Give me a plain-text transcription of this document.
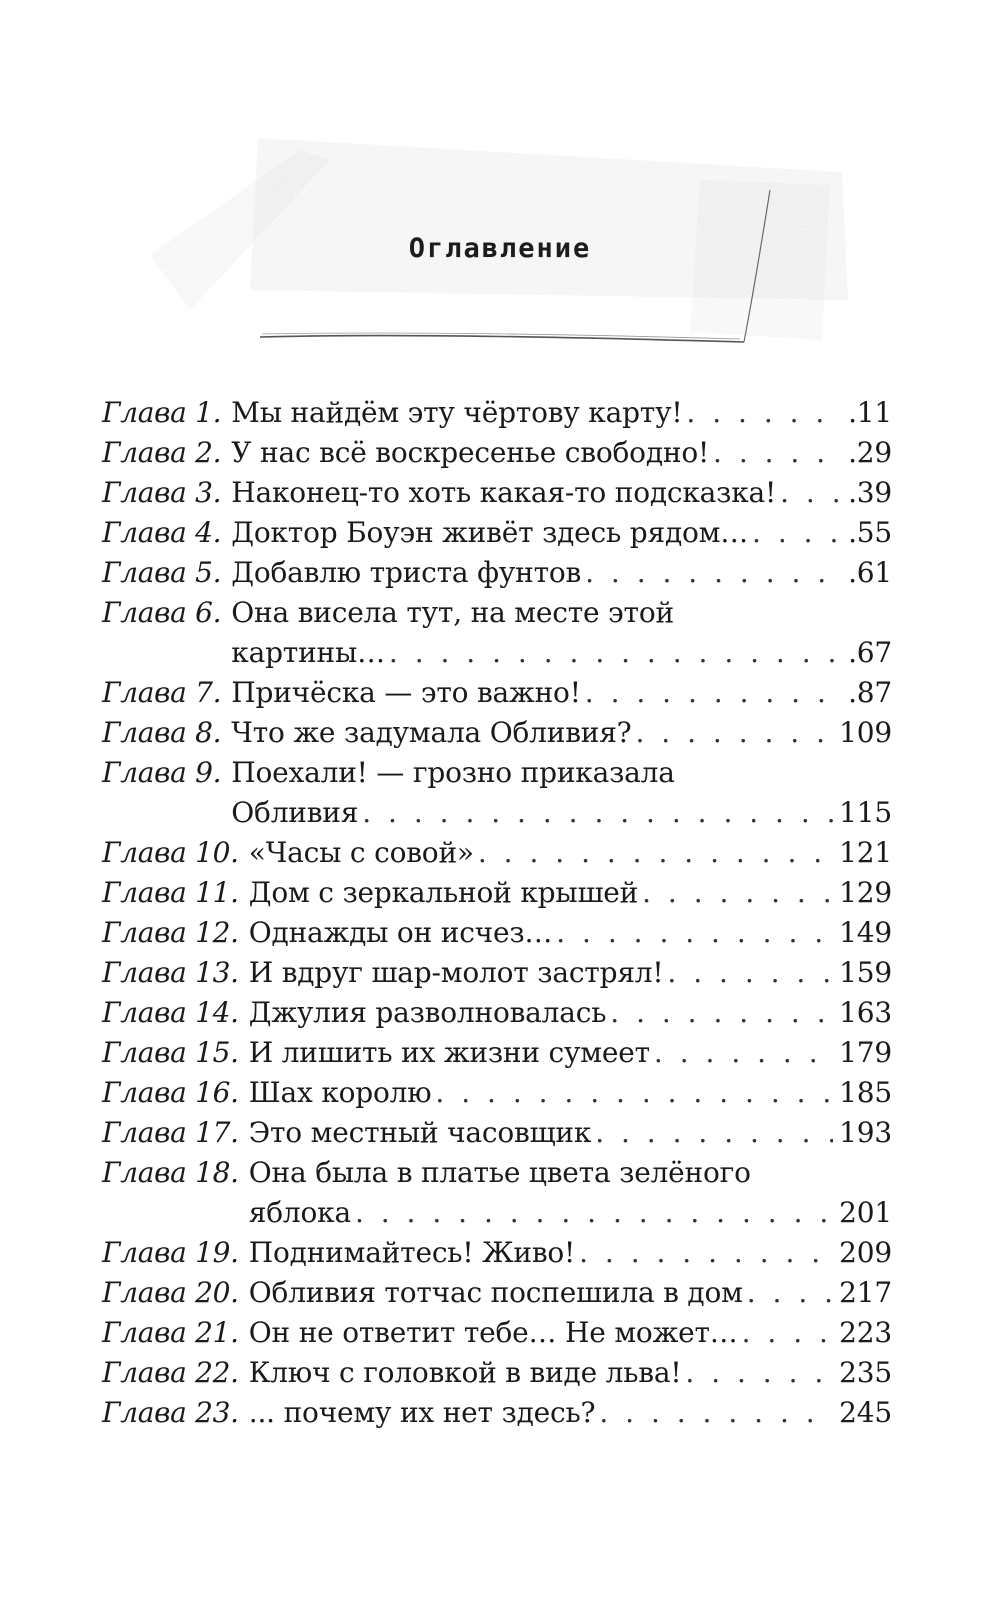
Оглавление
Глава 1. Мы найдём эту чёртову карту! . . .	.11
Глава 2. У нас всё воскресенье свободно! . . .	.29
Глава 3. Наконец-то хоть какая-то подсказка! . . .	.39
Глава 4. Доктор Боуэн живёт здесь рядом… . . .	.55
Глава 5. Добавлю триста фунтов . . .	.61
Глава 6. Она висела тут, на месте этой
картины… . . .	.67
Глава 7. Причёска — это важно! . . .	.87
Глава 8. Что же задумала Обливия? . . .	109
Глава 9. Поехали! — грозно приказала
Обливия . . .	115
Глава 10. «Часы с совой» . . .	121
Глава 11. Дом с зеркальной крышей . . .	129
Глава 12. Однажды он исчез… . . .	149
Глава 13. И вдруг шар-молот застрял! . . .	159
Глава 14. Джулия разволновалась . . .	163
Глава 15. И лишить их жизни сумеет . . .	179
Глава 16. Шах королю . . .	185
Глава 17. Это местный часовщик . . .	193
Глава 18. Она была в платье цвета зелёного
яблока . . .	201
Глава 19. Поднимайтесь! Живо! . . .	209
Глава 20. Обливия тотчас поспешила в дом . . .	217
Глава 21. Он не ответит тебе… Не может… . . .	223
Глава 22. Ключ с головкой в виде льва! . . .	235
Глава 23. ... почему их нет здесь? . . .	245
